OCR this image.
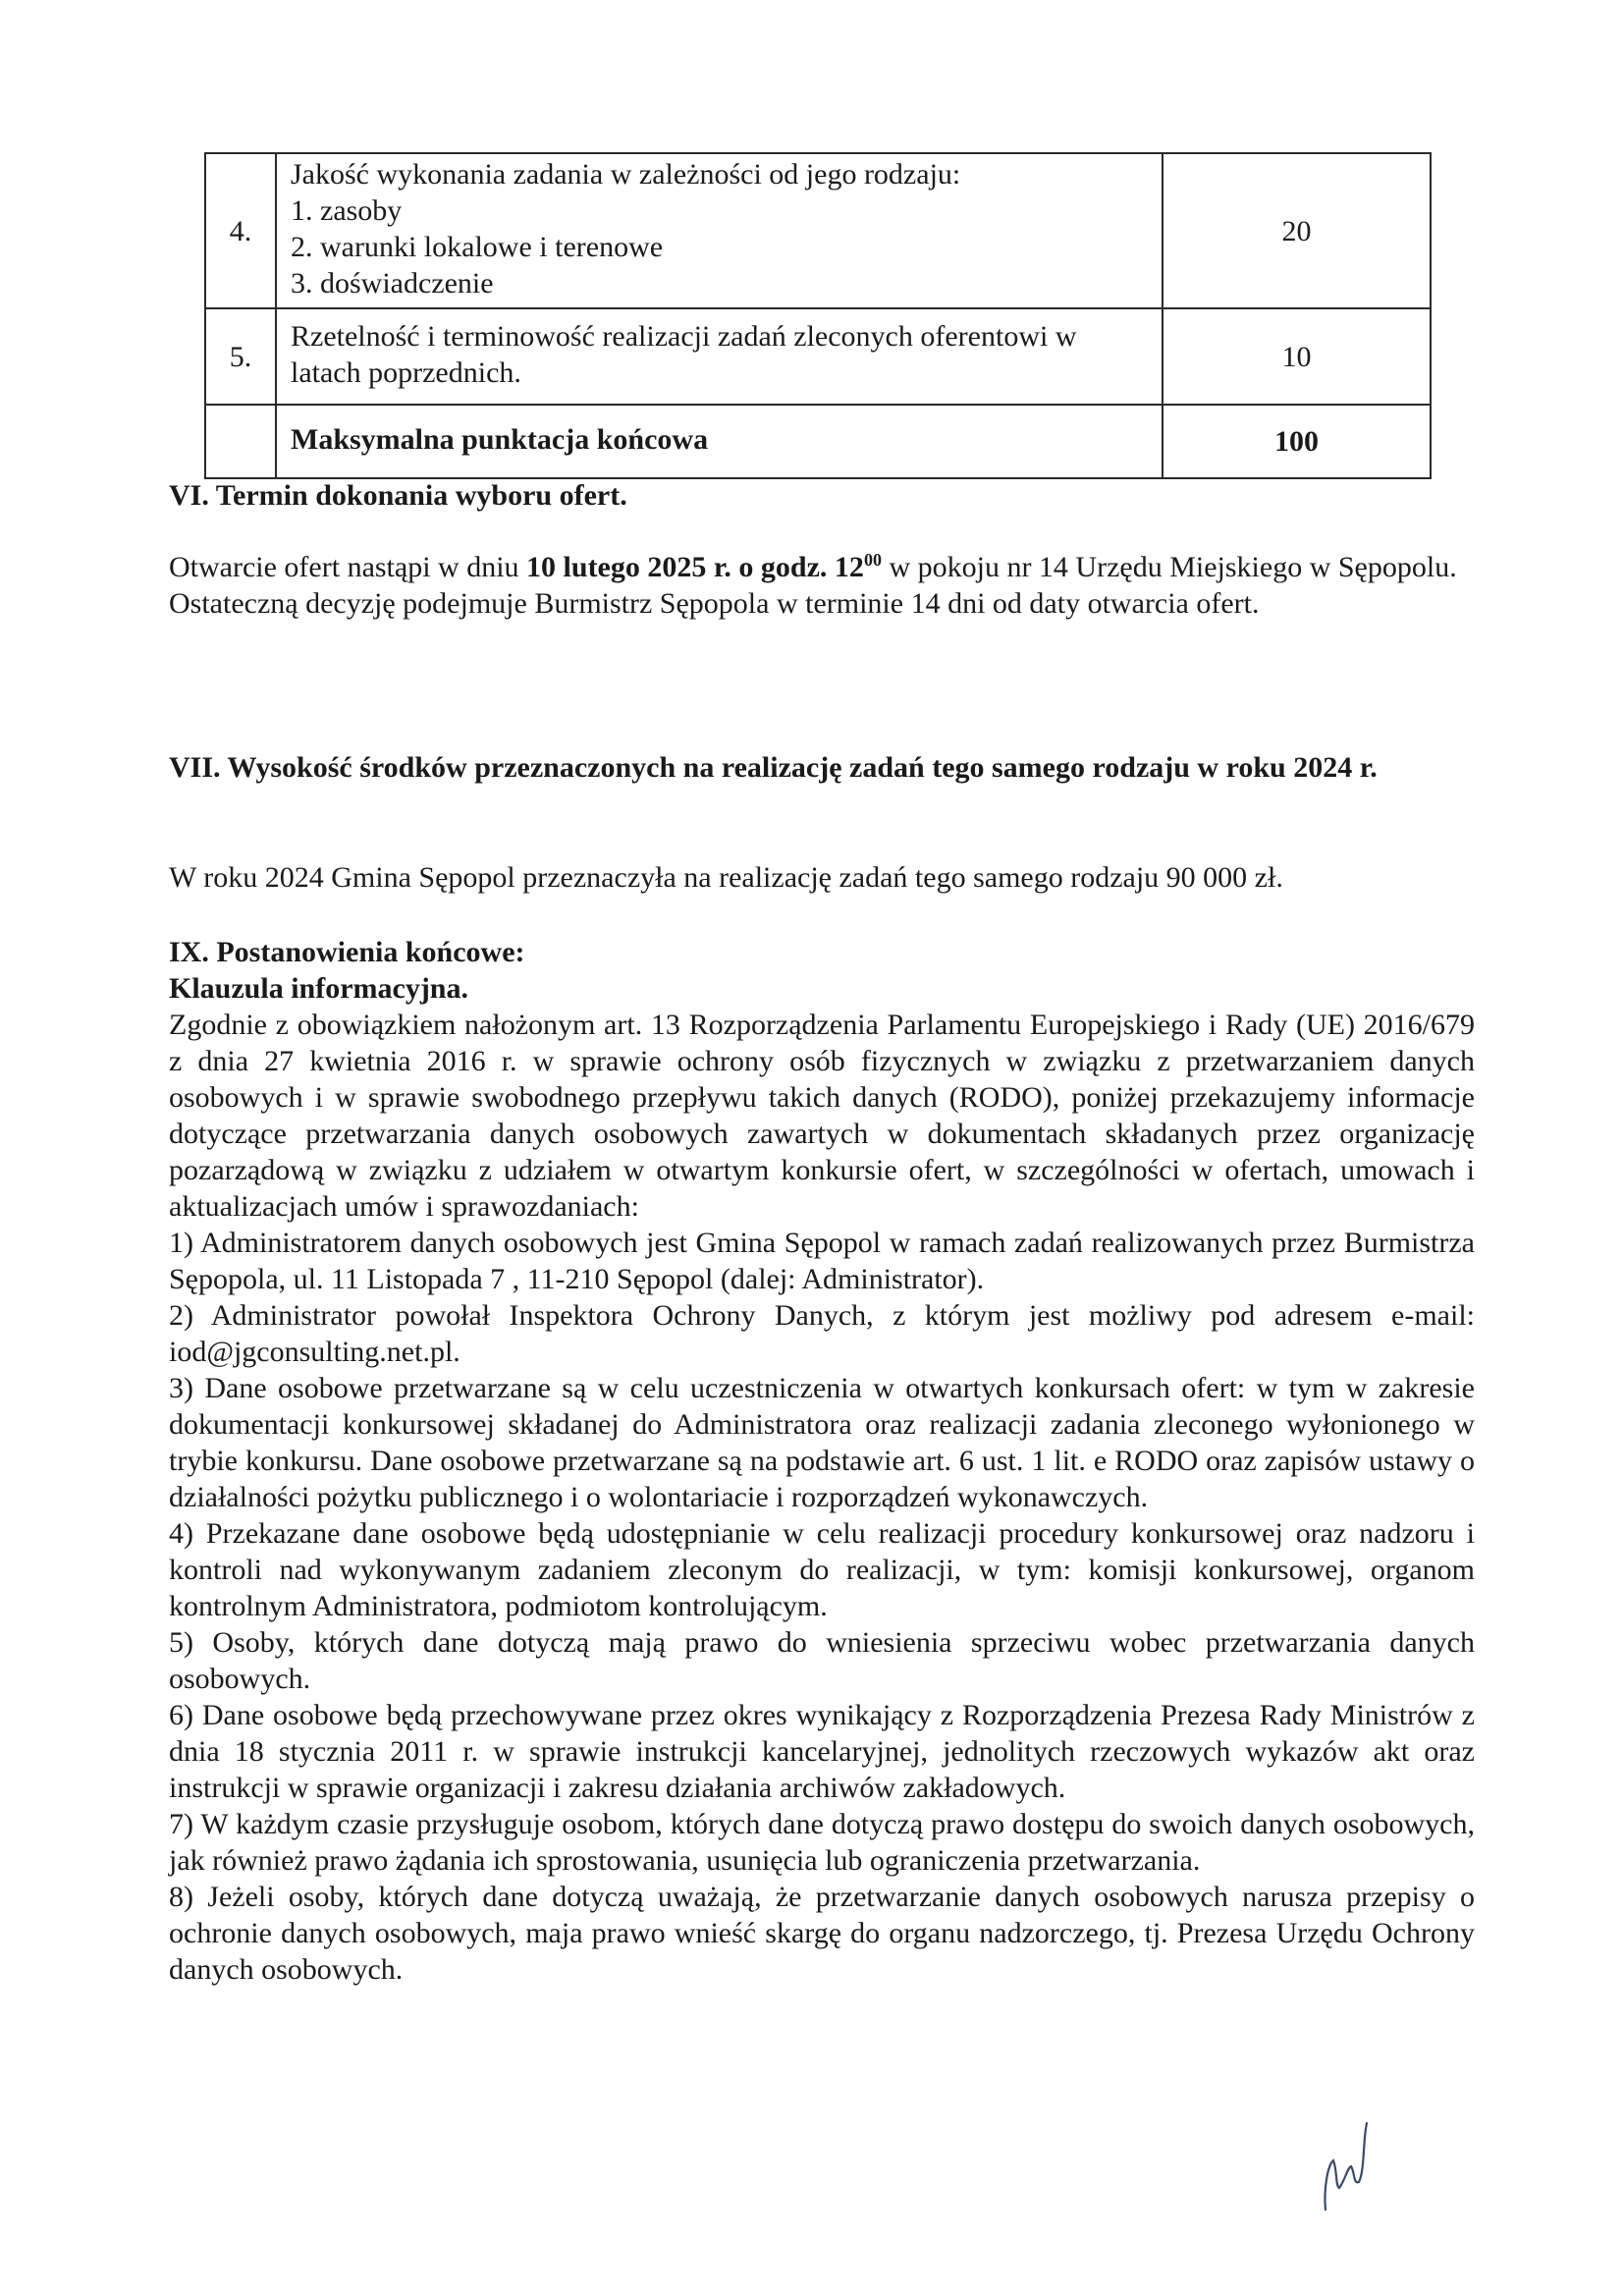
4.	Jakość wykonania zadania w zależności od jego rodzaju:
1. zasoby
2. warunki lokalowe i terenowe
3. doświadczenie	20
5.	Rzetelność i terminowość realizacji zadań zleconych oferentowi w latach poprzednich.	10
	Maksymalna punktacja końcowa	100

VI. Termin dokonania wyboru ofert.

Otwarcie ofert nastąpi w dniu 10 lutego 2025 r. o godz. $12^{00}$ w pokoju nr 14 Urzędu Miejskiego w Sępopolu.

Ostateczną decyzję podejmuje Burmistrz Sępopola w terminie 14 dni od daty otwarcia ofert.

VII. Wysokość środków przeznaczonych na realizację zadań tego samego rodzaju w roku 2024 r.

W roku 2024 Gmina Sępopol przeznaczyła na realizację zadań tego samego rodzaju 90 000 zł.

IX. Postanowienia końcowe:

Klauzula informacyjna.

Zgodnie z obowiązkiem nałożonym art. 13 Rozporządzenia Parlamentu Europejskiego i Rady (UE) 2016/679 z dnia 27 kwietnia 2016 r. w sprawie ochrony osób fizycznych w związku z przetwarzaniem danych osobowych i w sprawie swobodnego przepływu takich danych (RODO), poniżej przekazujemy informacje dotyczące przetwarzania danych osobowych zawartych w dokumentach składanych przez organizację pozarządową w związku z udziałem w otwartym konkursie ofert, w szczególności w ofertach, umowach i aktualizacjach umów i sprawozdaniach:

1) Administratorem danych osobowych jest Gmina Sępopol w ramach zadań realizowanych przez Burmistrza Sępopola, ul. 11 Listopada 7 , 11-210 Sępopol (dalej: Administrator).

2) Administrator powołał Inspektora Ochrony Danych, z którym jest możliwy pod adresem e-mail: iod@jgconsulting.net.pl.

3) Dane osobowe przetwarzane są w celu uczestniczenia w otwartych konkursach ofert: w tym w zakresie dokumentacji konkursowej składanej do Administratora oraz realizacji zadania zleconego wyłonionego w trybie konkursu. Dane osobowe przetwarzane są na podstawie art. 6 ust. 1 lit. e RODO oraz zapisów ustawy o działalności pożytku publicznego i o wolontariacie i rozporządzeń wykonawczych.

4) Przekazane dane osobowe będą udostępnianie w celu realizacji procedury konkursowej oraz nadzoru i kontroli nad wykonywanym zadaniem zleconym do realizacji, w tym: komisji konkursowej, organom kontrolnym Administratora, podmiotom kontrolującym.

5) Osoby, których dane dotyczą mają prawo do wniesienia sprzeciwu wobec przetwarzania danych osobowych.

6) Dane osobowe będą przechowywane przez okres wynikający z Rozporządzenia Prezesa Rady Ministrów z dnia 18 stycznia 2011 r. w sprawie instrukcji kancelaryjnej, jednolitych rzeczowych wykazów akt oraz instrukcji w sprawie organizacji i zakresu działania archiwów zakładowych.

7) W każdym czasie przysługuje osobom, których dane dotyczą prawo dostępu do swoich danych osobowych, jak również prawo żądania ich sprostowania, usunięcia lub ograniczenia przetwarzania.

8) Jeżeli osoby, których dane dotyczą uważają, że przetwarzanie danych osobowych narusza przepisy o ochronie danych osobowych, maja prawo wnieść skargę do organu nadzorczego, tj. Prezesa Urzędu Ochrony danych osobowych.
